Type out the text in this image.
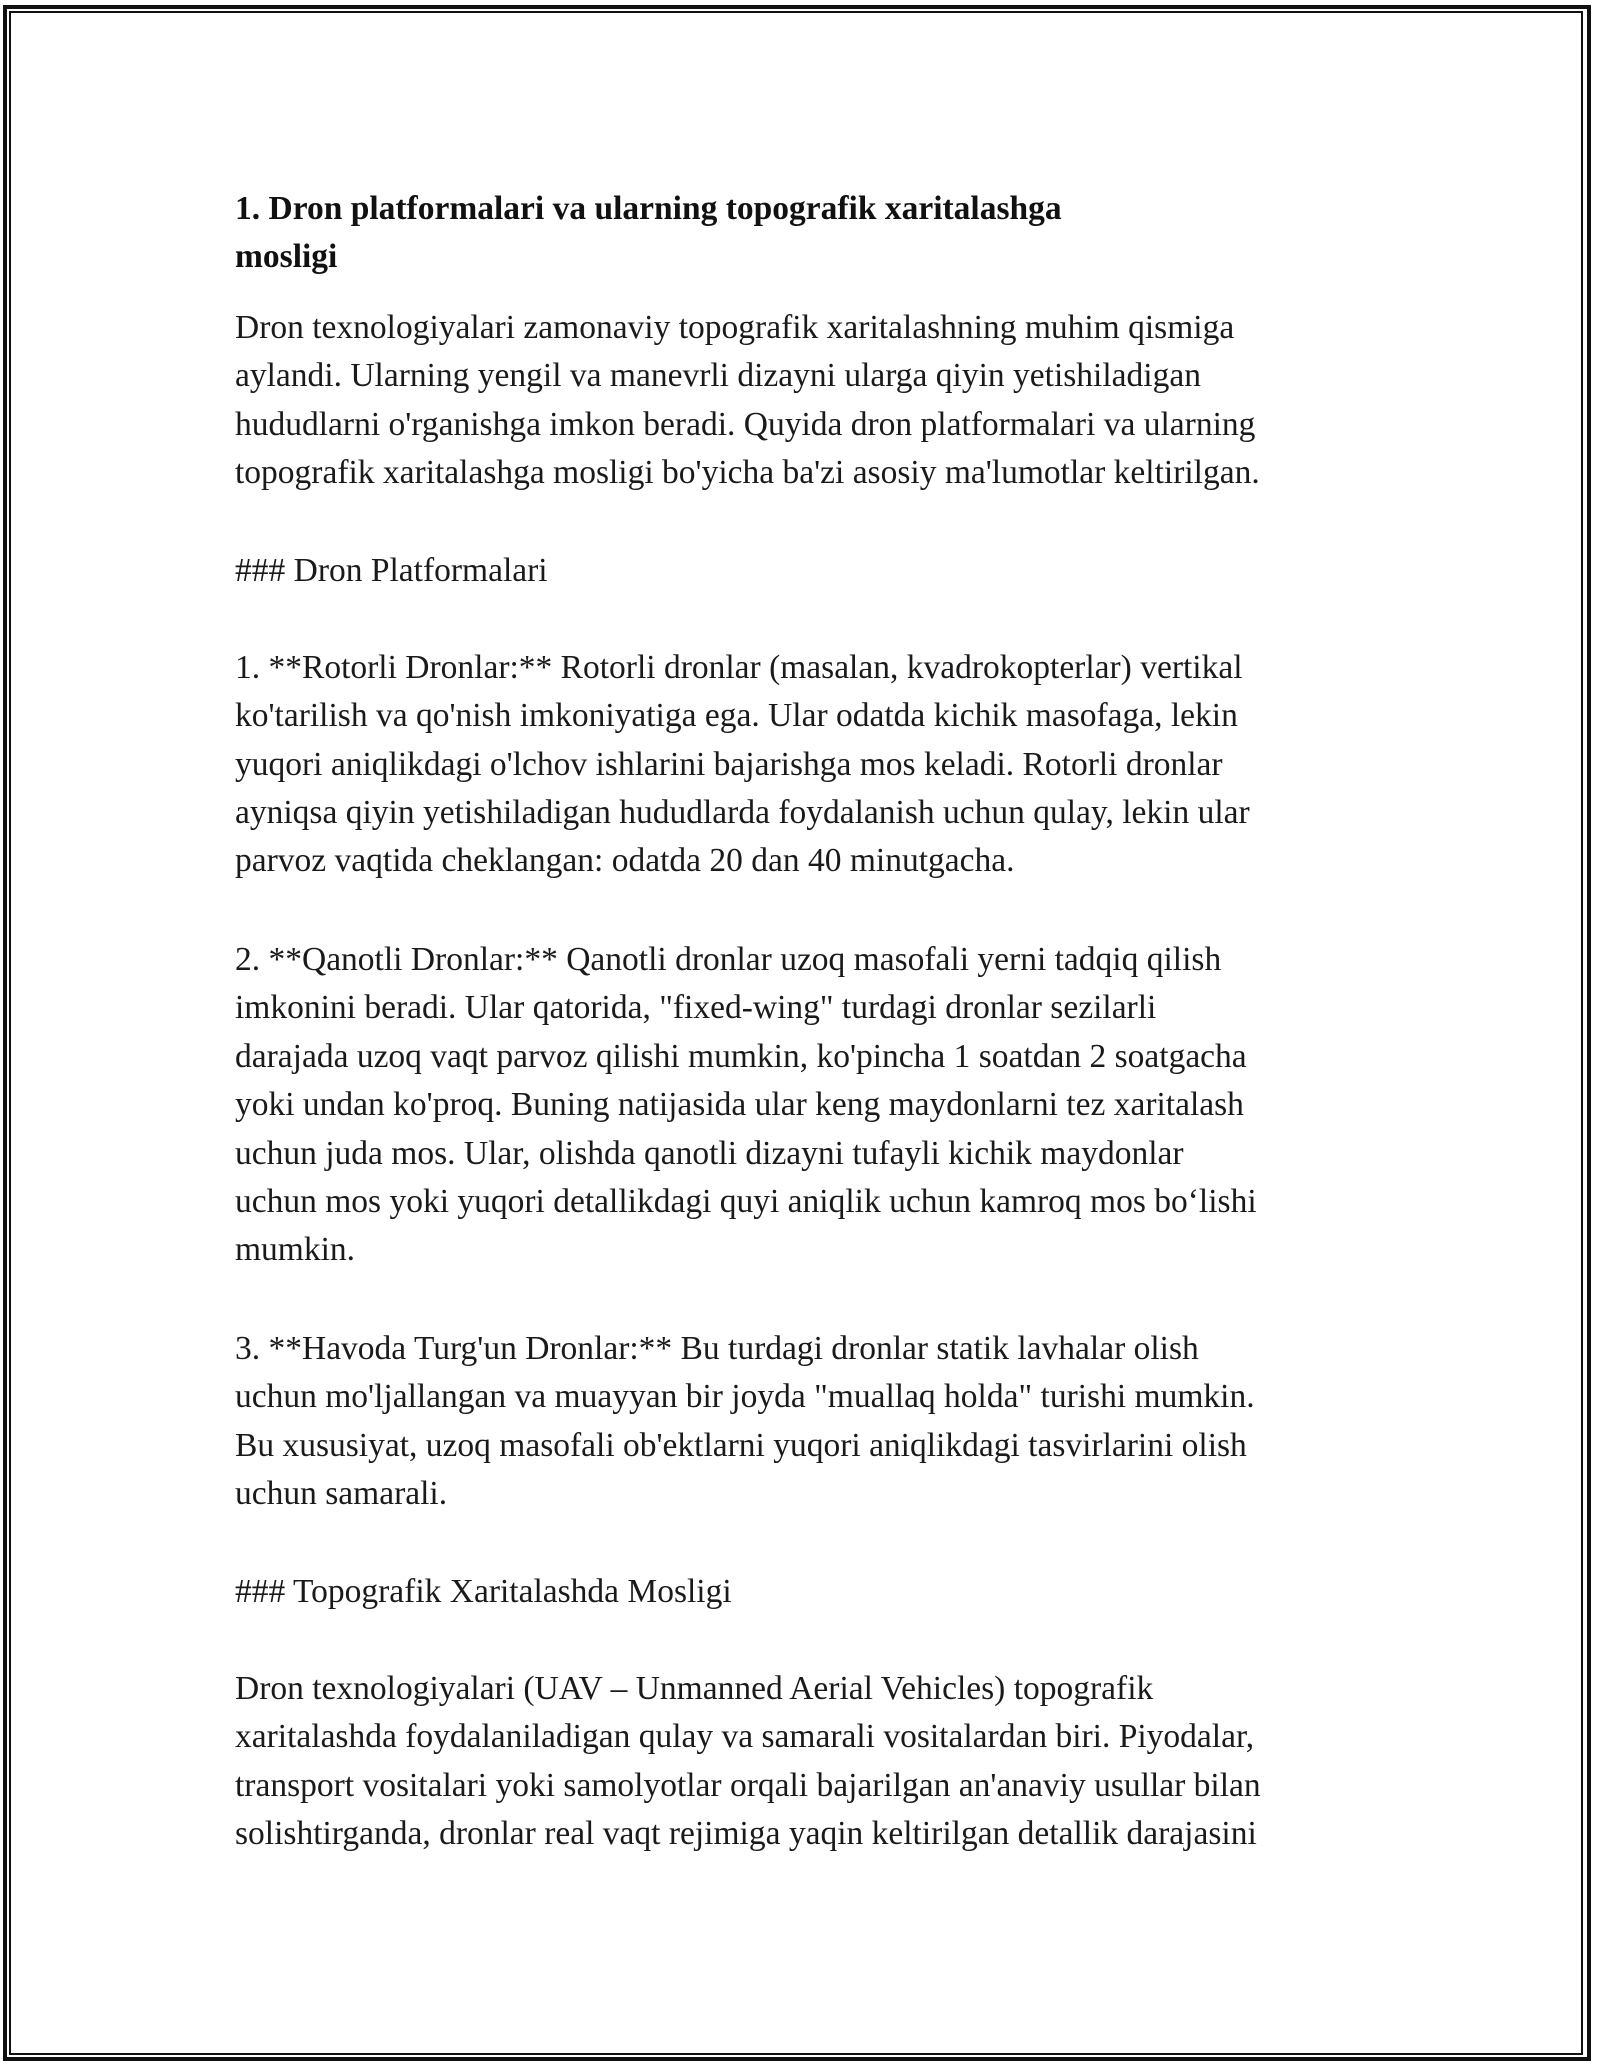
1. Dron platformalari va ularning topografik xaritalashga
mosligi

Dron texnologiyalari zamonaviy topografik xaritalashning muhim qismiga
aylandi. Ularning yengil va manevrli dizayni ularga qiyin yetishiladigan
hududlarni o'rganishga imkon beradi. Quyida dron platformalari va ularning
topografik xaritalashga mosligi bo'yicha ba'zi asosiy ma'lumotlar keltirilgan.

### Dron Platformalari

1. **Rotorli Dronlar:** Rotorli dronlar (masalan, kvadrokopterlar) vertikal
ko'tarilish va qo'nish imkoniyatiga ega. Ular odatda kichik masofaga, lekin
yuqori aniqlikdagi o'lchov ishlarini bajarishga mos keladi. Rotorli dronlar
ayniqsa qiyin yetishiladigan hududlarda foydalanish uchun qulay, lekin ular
parvoz vaqtida cheklangan: odatda 20 dan 40 minutgacha.

2. **Qanotli Dronlar:** Qanotli dronlar uzoq masofali yerni tadqiq qilish
imkonini beradi. Ular qatorida, "fixed-wing" turdagi dronlar sezilarli
darajada uzoq vaqt parvoz qilishi mumkin, ko'pincha 1 soatdan 2 soatgacha
yoki undan ko'proq. Buning natijasida ular keng maydonlarni tez xaritalash
uchun juda mos. Ular, olishda qanotli dizayni tufayli kichik maydonlar
uchun mos yoki yuqori detallikdagi quyi aniqlik uchun kamroq mos bo‘lishi
mumkin.

3. **Havoda Turg'un Dronlar:** Bu turdagi dronlar statik lavhalar olish
uchun mo'ljallangan va muayyan bir joyda "muallaq holda" turishi mumkin.
Bu xususiyat, uzoq masofali ob'ektlarni yuqori aniqlikdagi tasvirlarini olish
uchun samarali.

### Topografik Xaritalashda Mosligi

Dron texnologiyalari (UAV – Unmanned Aerial Vehicles) topografik
xaritalashda foydalaniladigan qulay va samarali vositalardan biri. Piyodalar,
transport vositalari yoki samolyotlar orqali bajarilgan an'anaviy usullar bilan
solishtirganda, dronlar real vaqt rejimiga yaqin keltirilgan detallik darajasini
